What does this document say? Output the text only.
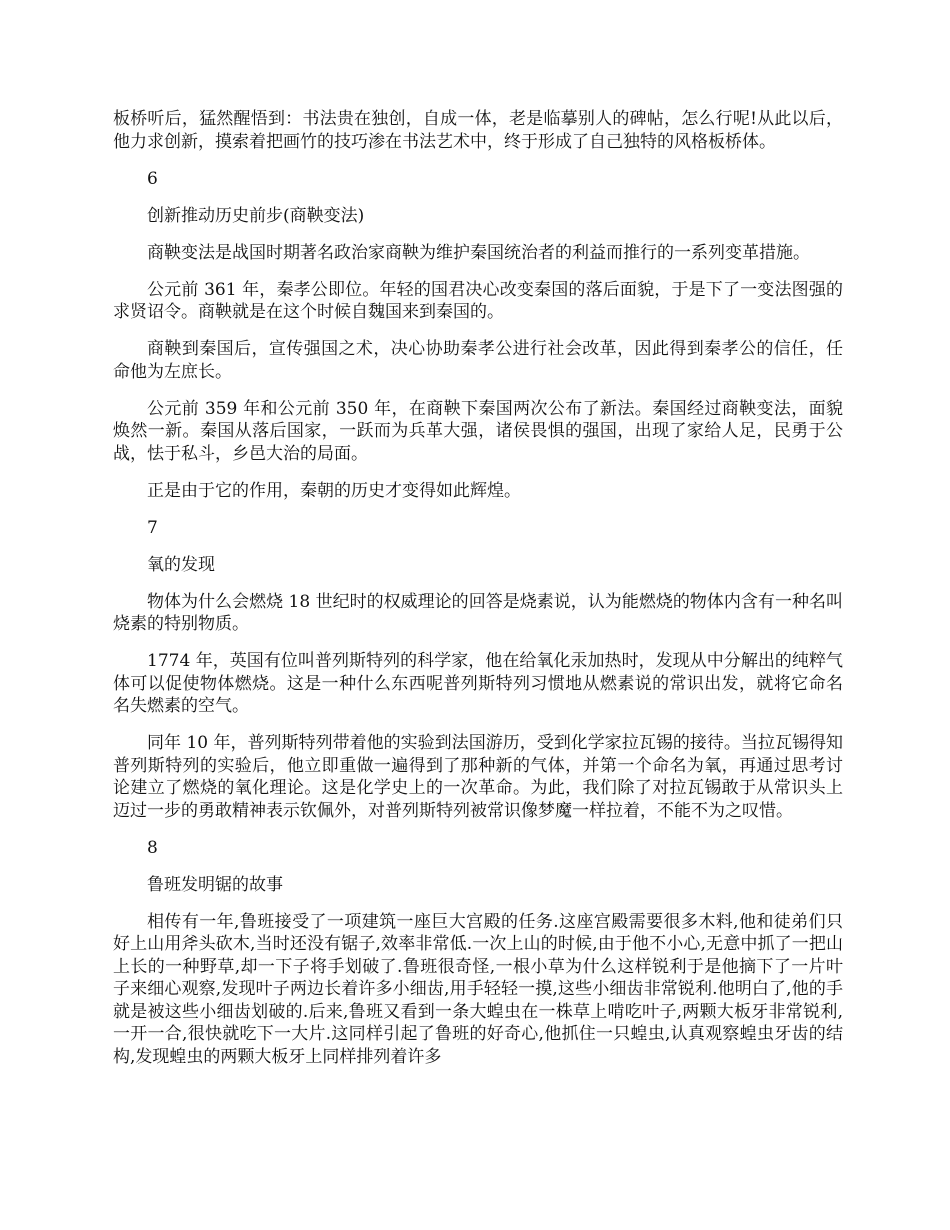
板桥听后，猛然醒悟到：书法贵在独创，自成一体，老是临摹别人的碑帖，怎么行呢!从此以后，他力求创新，摸索着把画竹的技巧渗在书法艺术中，终于形成了自己独特的风格板桥体。

6

创新推动历史前步(商鞅变法)

商鞅变法是战国时期著名政治家商鞅为维护秦国统治者的利益而推行的一系列变革措施。

公元前 361 年，秦孝公即位。年轻的国君决心改变秦国的落后面貌，于是下了一变法图强的求贤诏令。商鞅就是在这个时候自魏国来到秦国的。

商鞅到秦国后，宣传强国之术，决心协助秦孝公进行社会改革，因此得到秦孝公的信任，任命他为左庶长。

公元前 359 年和公元前 350 年，在商鞅下秦国两次公布了新法。秦国经过商鞅变法，面貌焕然一新。秦国从落后国家，一跃而为兵革大强，诸侯畏惧的强国，出现了家给人足，民勇于公战，怯于私斗，乡邑大治的局面。

正是由于它的作用，秦朝的历史才变得如此辉煌。

7

氧的发现

物体为什么会燃烧 18 世纪时的权威理论的回答是烧素说，认为能燃烧的物体内含有一种名叫烧素的特别物质。

1774 年，英国有位叫普列斯特列的科学家，他在给氧化汞加热时，发现从中分解出的纯粹气体可以促使物体燃烧。这是一种什么东西呢普列斯特列习惯地从燃素说的常识出发，就将它命名名失燃素的空气。

同年 10 年，普列斯特列带着他的实验到法国游历，受到化学家拉瓦锡的接待。当拉瓦锡得知普列斯特列的实验后，他立即重做一遍得到了那种新的气体，并第一个命名为氧，再通过思考讨论建立了燃烧的氧化理论。这是化学史上的一次革命。为此，我们除了对拉瓦锡敢于从常识头上迈过一步的勇敢精神表示钦佩外，对普列斯特列被常识像梦魔一样拉着，不能不为之叹惜。

8

鲁班发明锯的故事

相传有一年,鲁班接受了一项建筑一座巨大宫殿的任务.这座宫殿需要很多木料,他和徒弟们只好上山用斧头砍木,当时还没有锯子,效率非常低.一次上山的时候,由于他不小心,无意中抓了一把山上长的一种野草,却一下子将手划破了.鲁班很奇怪,一根小草为什么这样锐利于是他摘下了一片叶子来细心观察,发现叶子两边长着许多小细齿,用手轻轻一摸,这些小细齿非常锐利.他明白了,他的手就是被这些小细齿划破的.后来,鲁班又看到一条大蝗虫在一株草上啃吃叶子,两颗大板牙非常锐利,一开一合,很快就吃下一大片.这同样引起了鲁班的好奇心,他抓住一只蝗虫,认真观察蝗虫牙齿的结构,发现蝗虫的两颗大板牙上同样排列着许多
